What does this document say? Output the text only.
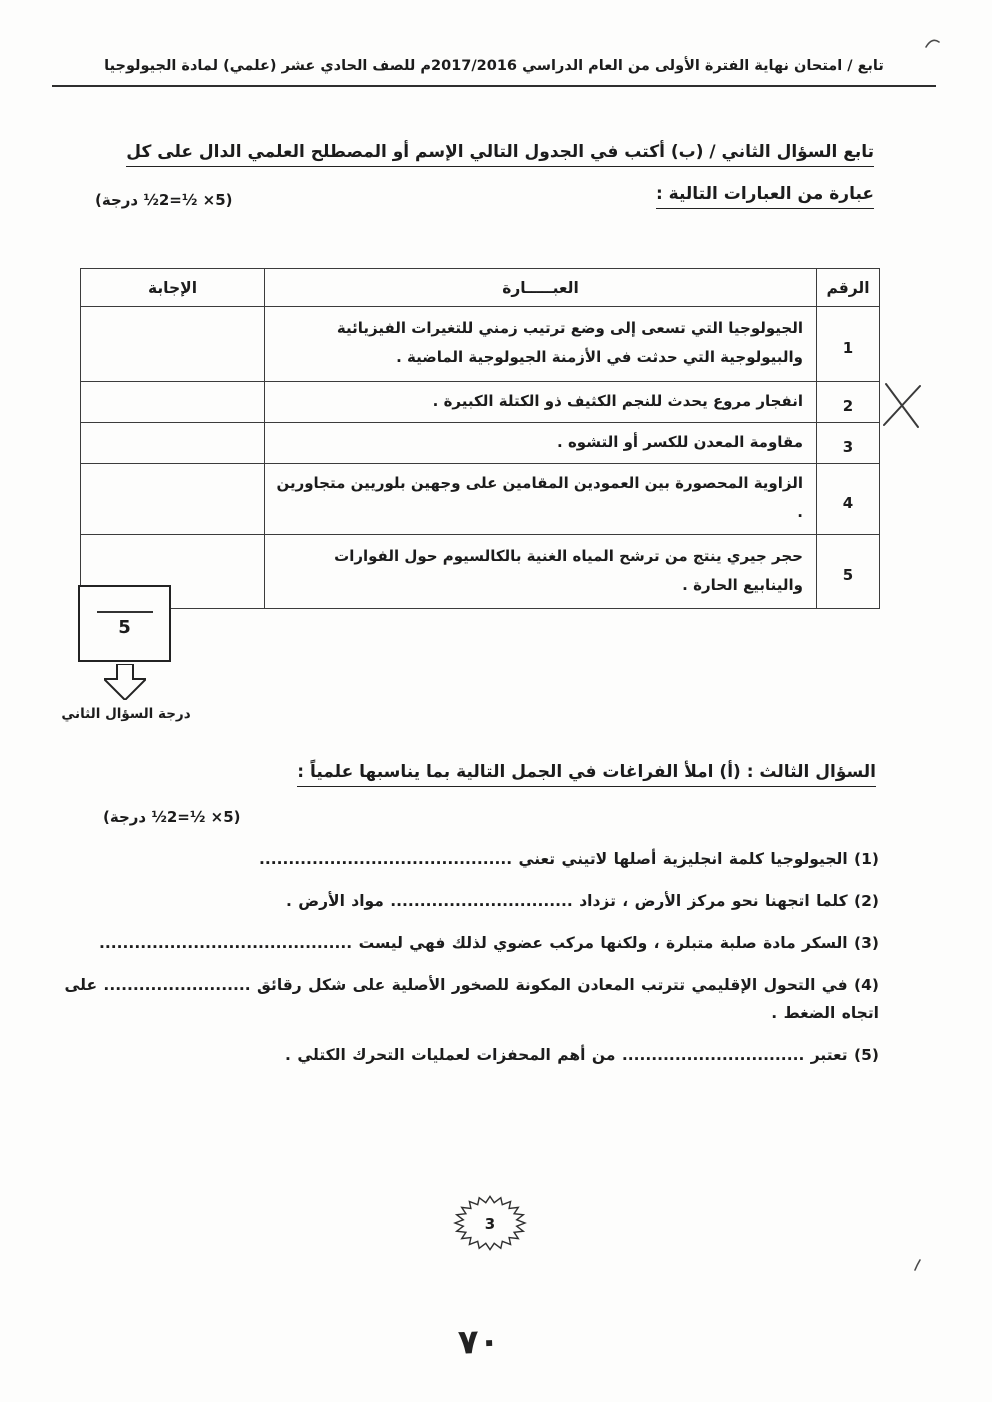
تابع / امتحان نهاية الفترة الأولى من العام الدراسي 2017/2016م للصف الحادي عشر (علمي) لمادة الجيولوجيا
تابع السؤال الثاني / (ب) أكتب في الجدول التالي الإسم أو المصطلح العلمي الدال على كل
عبارة من العبارات التالية :
(5× ½=2½ درجة)
الرقم	العبـــــارة	الإجابة
1	الجيولوجيا التي تسعى إلى وضع ترتيب زمني للتغيرات الفيزيائية والبيولوجية التي حدثت في الأزمنة الجيولوجية الماضية .	
2	انفجار مروع يحدث للنجم الكثيف ذو الكتلة الكبيرة .	
3	مقاومة المعدن للكسر أو التشوه .	
4	الزاوية المحصورة بين العمودين المقامين على وجهين بلوريين متجاورين .	
5	حجر جيري ينتج من ترشح المياه الغنية بالكالسيوم حول الفوارات والينابيع الحارة .	
5
درجة السؤال الثاني
السؤال الثالث : (أ) املأ الفراغات في الجمل التالية بما يناسبها علمياً :
(5× ½=2½ درجة)
(1) الجيولوجيا كلمة انجليزية أصلها لاتيني تعني ...........................................
(2) كلما اتجهنا نحو مركز الأرض ، تزداد ............................... مواد الأرض .
(3) السكر مادة صلبة متبلرة ، ولكنها مركب عضوي لذلك فهي ليست ...........................................
(4) في التحول الإقليمي تترتب المعادن المكونة للصخور الأصلية على شكل رقائق ......................... على اتجاه الضغط .
(5) تعتبر ............................... من أهم المحفزات لعمليات التحرك الكتلي .
3
٧٠
